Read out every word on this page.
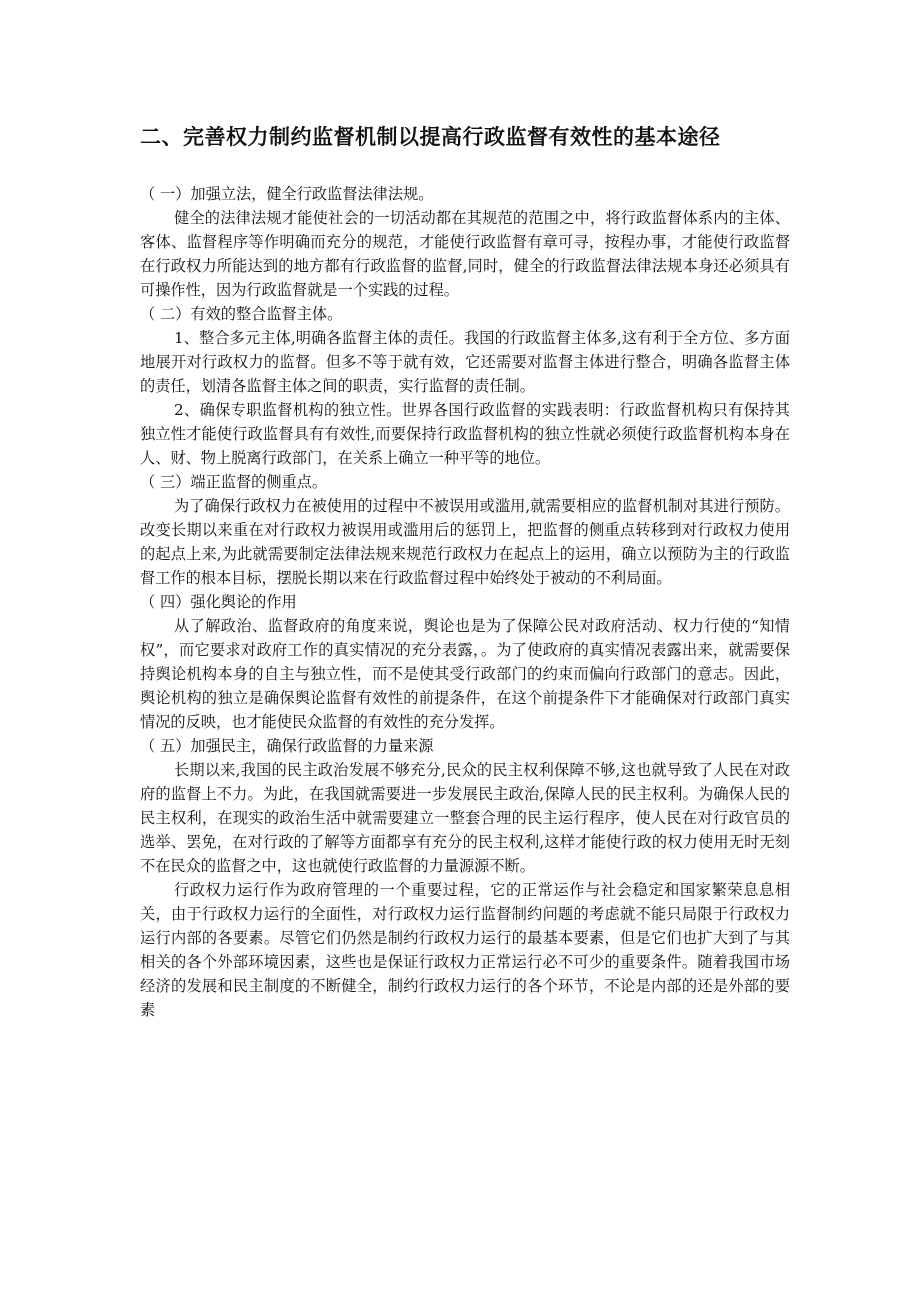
二、完善权力制约监督机制以提高行政监督有效性的基本途径

（ 一）加强立法，健全行政监督法律法规。

健全的法律法规才能使社会的一切活动都在其规范的范围之中，将行政监督体系内的主体、客体、监督程序等作明确而充分的规范，才能使行政监督有章可寻，按程办事，才能使行政监督在行政权力所能达到的地方都有行政监督的监督,同时，健全的行政监督法律法规本身还必须具有可操作性，因为行政监督就是一个实践的过程。

（ 二）有效的整合监督主体。

1、整合多元主体,明确各监督主体的责任。我国的行政监督主体多,这有利于全方位、多方面地展开对行政权力的监督。但多不等于就有效，它还需要对监督主体进行整合，明确各监督主体的责任，划清各监督主体之间的职责，实行监督的责任制。

2、确保专职监督机构的独立性。世界各国行政监督的实践表明：行政监督机构只有保持其独立性才能使行政监督具有有效性,而要保持行政监督机构的独立性就必须使行政监督机构本身在人、财、物上脱离行政部门，在关系上确立一种平等的地位。

（ 三）端正监督的侧重点。

为了确保行政权力在被使用的过程中不被误用或滥用,就需要相应的监督机制对其进行预防。改变长期以来重在对行政权力被误用或滥用后的惩罚上，把监督的侧重点转移到对行政权力使用的起点上来,为此就需要制定法律法规来规范行政权力在起点上的运用，确立以预防为主的行政监督工作的根本目标，摆脱长期以来在行政监督过程中始终处于被动的不利局面。

（ 四）强化舆论的作用

从了解政治、监督政府的角度来说，舆论也是为了保障公民对政府活动、权力行使的“知情权”，而它要求对政府工作的真实情况的充分表露，。为了使政府的真实情况表露出来，就需要保持舆论机构本身的自主与独立性，而不是使其受行政部门的约束而偏向行政部门的意志。因此，舆论机构的独立是确保舆论监督有效性的前提条件，在这个前提条件下才能确保对行政部门真实情况的反映，也才能使民众监督的有效性的充分发挥。

（ 五）加强民主，确保行政监督的力量来源

长期以来,我国的民主政治发展不够充分,民众的民主权利保障不够,这也就导致了人民在对政府的监督上不力。为此，在我国就需要进一步发展民主政治,保障人民的民主权利。为确保人民的民主权利，在现实的政治生活中就需要建立一整套合理的民主运行程序，使人民在对行政官员的选举、罢免，在对行政的了解等方面都享有充分的民主权利,这样才能使行政的权力使用无时无刻不在民众的监督之中，这也就使行政监督的力量源源不断。

行政权力运行作为政府管理的一个重要过程，它的正常运作与社会稳定和国家繁荣息息相关，由于行政权力运行的全面性，对行政权力运行监督制约问题的考虑就不能只局限于行政权力运行内部的各要素。尽管它们仍然是制约行政权力运行的最基本要素，但是它们也扩大到了与其相关的各个外部环境因素，这些也是保证行政权力正常运行必不可少的重要条件。随着我国市场经济的发展和民主制度的不断健全，制约行政权力运行的各个环节，不论是内部的还是外部的要素
